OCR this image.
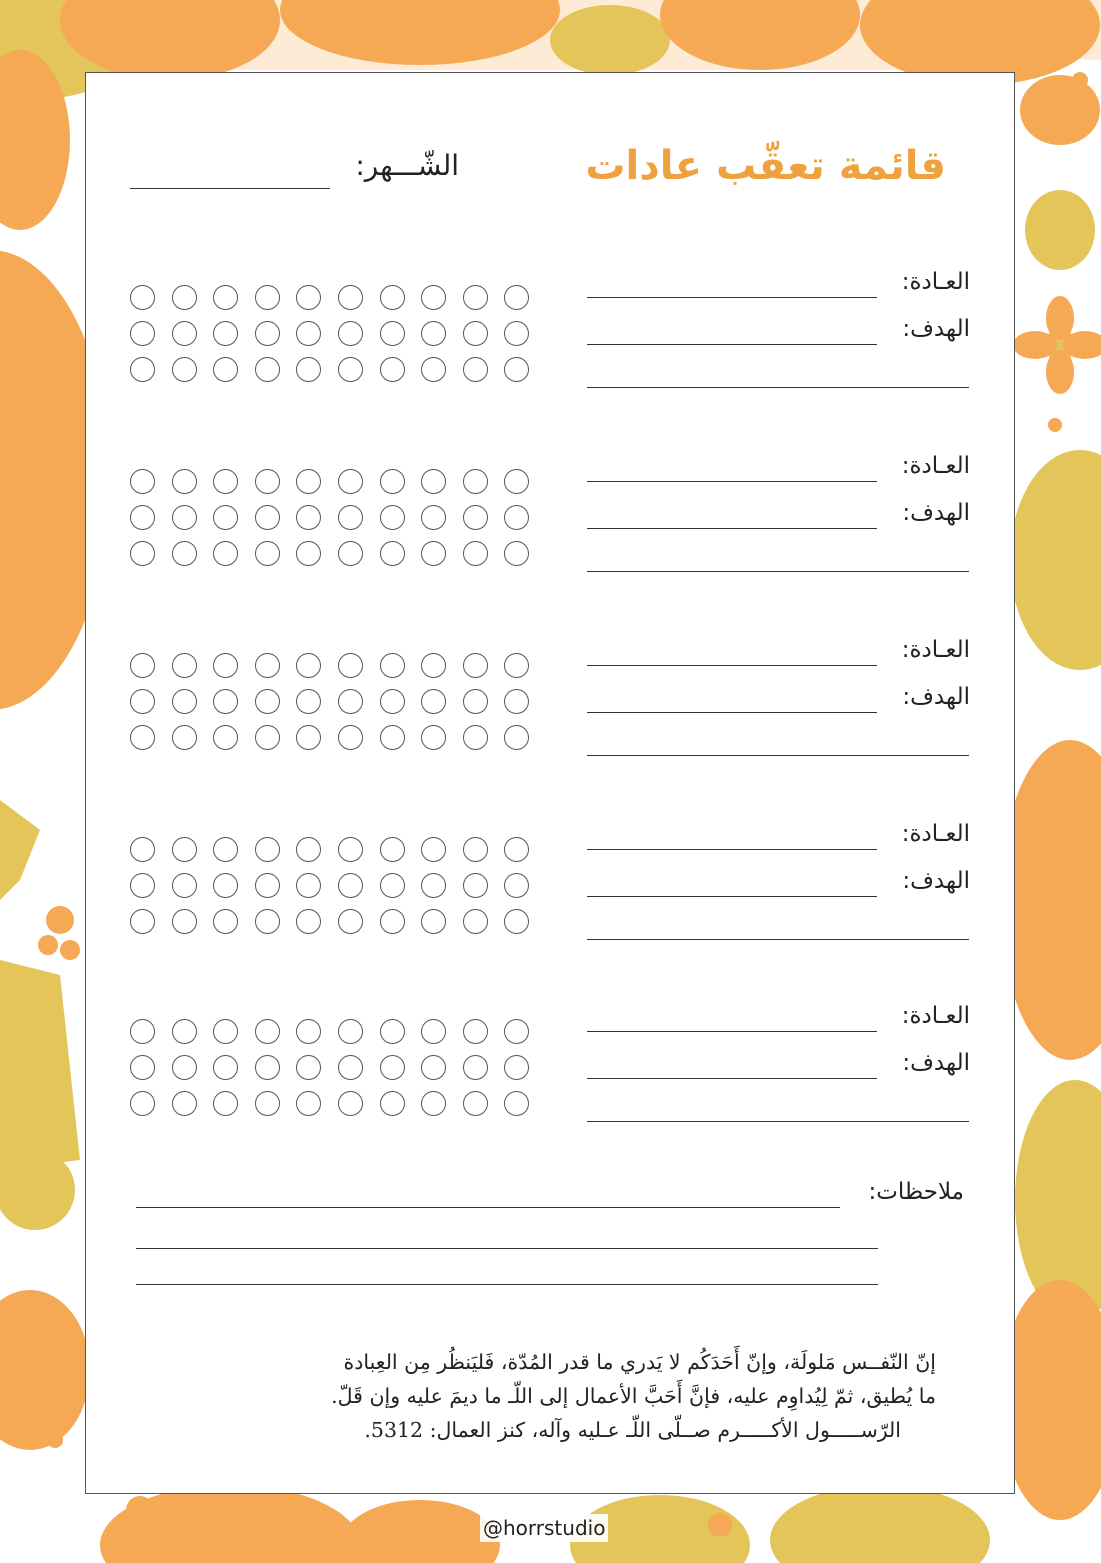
قائمة تعقّب عادات
الشّـــهر:
العـادة:
الهدف:
العـادة:
الهدف:
العـادة:
الهدف:
العـادة:
الهدف:
العـادة:
الهدف:
ملاحظات:
إنّ النّفــس مَلولَة، وإنّ أَحَدَكُم لا يَدري ما قدر المُدّة، فَليَنظُر مِن العِبادة
ما يُطيق، ثمّ لِيُداوِم عليه، فإنَّ أَحَبَّ الأعمال إلى اللّـ ما ديمَ عليه وإن قَلّ.
الرّســـــول الأكـــــرم صــلّى اللّـ عـليه وآله، كنز العمال: 5312.
@horrstudio
